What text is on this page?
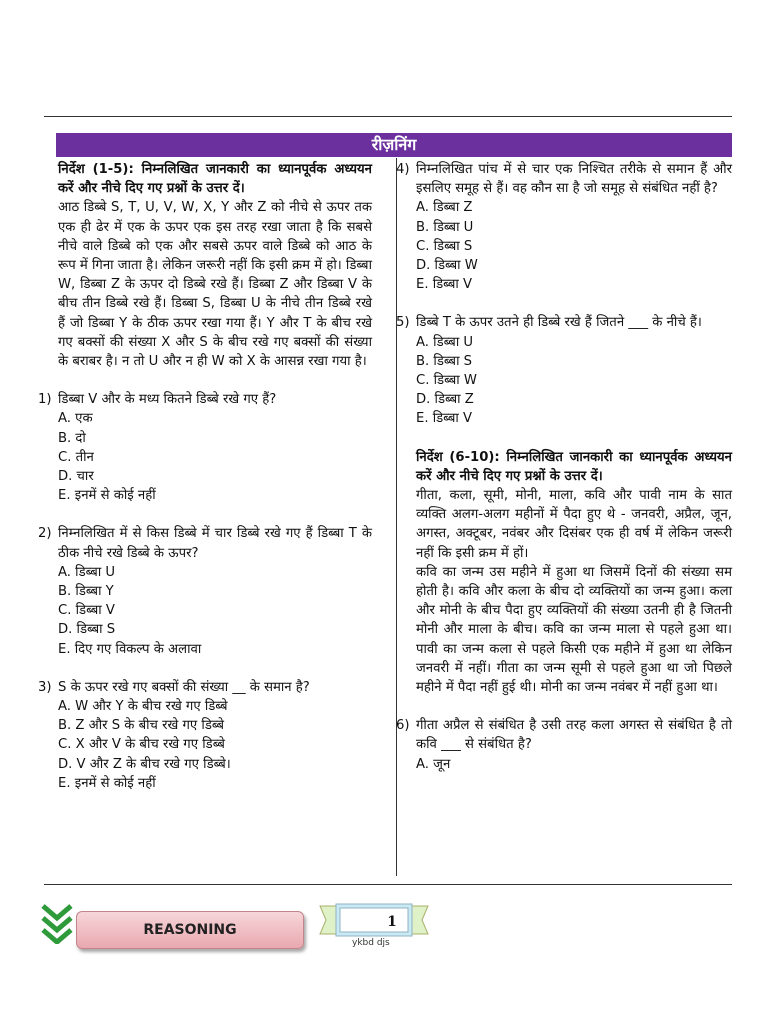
रीज़निंग

निर्देश (1-5): निम्नलिखित जानकारी का ध्यानपूर्वक अध्ययन करें और नीचे दिए गए प्रश्नों के उत्तर दें।

आठ डिब्बे S, T, U, V, W, X, Y और Z को नीचे से ऊपर तक एक ही ढेर में एक के ऊपर एक इस तरह रखा जाता है कि सबसे नीचे वाले डिब्बे को एक और सबसे ऊपर वाले डिब्बे को आठ के रूप में गिना जाता है। लेकिन जरूरी नहीं कि इसी क्रम में हो। डिब्बा W, डिब्बा Z के ऊपर दो डिब्बे रखे हैं। डिब्बा Z और डिब्बा V के बीच तीन डिब्बे रखे हैं। डिब्बा S, डिब्बा U के नीचे तीन डिब्बे रखे हैं जो डिब्बा Y के ठीक ऊपर रखा गया हैं। Y और T के बीच रखे गए बक्सों की संख्या X और S के बीच रखे गए बक्सों की संख्या के बराबर है। न तो U और न ही W को X के आसन्न रखा गया है।

1) डिब्बा V और के मध्य कितने डिब्बे रखे गए हैं?

A. एक
B. दो
C. तीन
D. चार
E. इनमें से कोई नहीं

2) निम्नलिखित में से किस डिब्बे में चार डिब्बे रखे गए हैं डिब्बा T के ठीक नीचे रखे डिब्बे के ऊपर?

A. डिब्बा U
B. डिब्बा Y
C. डिब्बा V
D. डिब्बा S
E. दिए गए विकल्प के अलावा

3) S के ऊपर रखे गए बक्सों की संख्या __ के समान है?

A. W और Y के बीच रखे गए डिब्बे
B. Z और S के बीच रखे गए डिब्बे
C. X और V के बीच रखे गए डिब्बे
D. V और Z के बीच रखे गए डिब्बे।
E. इनमें से कोई नहीं

4) निम्नलिखित पांच में से चार एक निश्चित तरीके से समान हैं और इसलिए समूह से हैं। वह कौन सा है जो समूह से संबंधित नहीं है?

A. डिब्बा Z
B. डिब्बा U
C. डिब्बा S
D. डिब्बा W
E. डिब्बा V

5) डिब्बे T के ऊपर उतने ही डिब्बे रखे हैं जितने ___ के नीचे हैं।

A. डिब्बा U
B. डिब्बा S
C. डिब्बा W
D. डिब्बा Z
E. डिब्बा V

निर्देश (6-10): निम्नलिखित जानकारी का ध्यानपूर्वक अध्ययन करें और नीचे दिए गए प्रश्नों के उत्तर दें।

गीता, कला, सूमी, मोनी, माला, कवि और पावी नाम के सात व्यक्ति अलग-अलग महीनों में पैदा हुए थे - जनवरी, अप्रैल, जून, अगस्त, अक्टूबर, नवंबर और दिसंबर एक ही वर्ष में लेकिन जरूरी नहीं कि इसी क्रम में हों।

कवि का जन्म उस महीने में हुआ था जिसमें दिनों की संख्या सम होती है। कवि और कला के बीच दो व्यक्तियों का जन्म हुआ। कला और मोनी के बीच पैदा हुए व्यक्तियों की संख्या उतनी ही है जितनी मोनी और माला के बीच। कवि का जन्म माला से पहले हुआ था। पावी का जन्म कला से पहले किसी एक महीने में हुआ था लेकिन जनवरी में नहीं। गीता का जन्म सूमी से पहले हुआ था जो पिछले महीने में पैदा नहीं हुई थी। मोनी का जन्म नवंबर में नहीं हुआ था।

6) गीता अप्रैल से संबंधित है उसी तरह कला अगस्त से संबंधित है तो कवि ___ से संबंधित है?

A. जून
REASONING	1
ykbd djs
